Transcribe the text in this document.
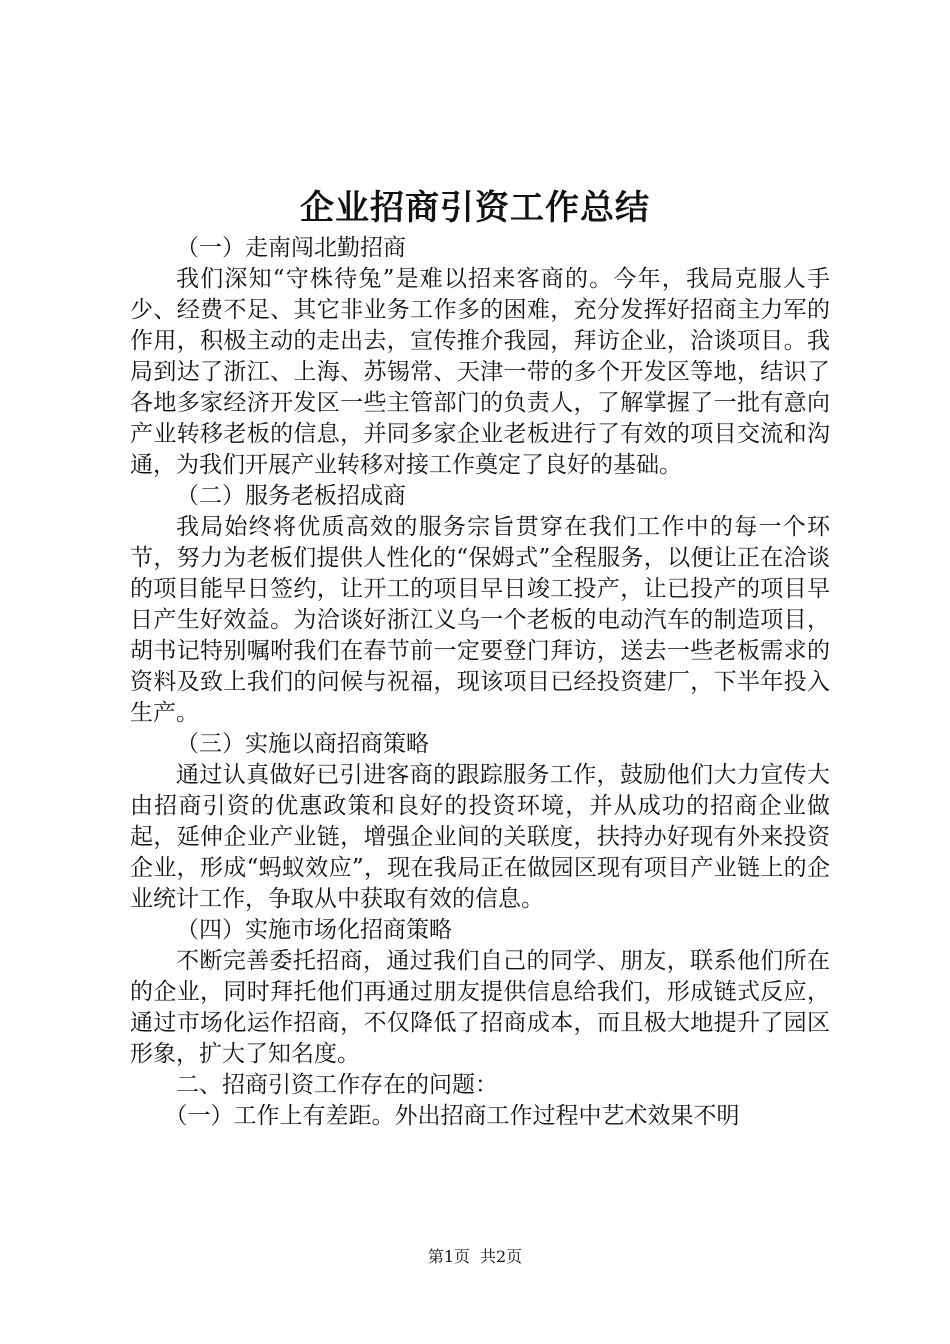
企业招商引资工作总结

（一）走南闯北勤招商

我们深知“守株待兔”是难以招来客商的。今年，我局克服人手少、经费不足、其它非业务工作多的困难，充分发挥好招商主力军的作用，积极主动的走出去，宣传推介我园，拜访企业，洽谈项目。我局到达了浙江、上海、苏锡常、天津一带的多个开发区等地，结识了各地多家经济开发区一些主管部门的负责人，了解掌握了一批有意向产业转移老板的信息，并同多家企业老板进行了有效的项目交流和沟通，为我们开展产业转移对接工作奠定了良好的基础。

（二）服务老板招成商

我局始终将优质高效的服务宗旨贯穿在我们工作中的每一个环节，努力为老板们提供人性化的“保姆式”全程服务，以便让正在洽谈的项目能早日签约，让开工的项目早日竣工投产，让已投产的项目早日产生好效益。为洽谈好浙江义乌一个老板的电动汽车的制造项目，胡书记特别嘱咐我们在春节前一定要登门拜访，送去一些老板需求的资料及致上我们的问候与祝福，现该项目已经投资建厂，下半年投入生产。

（三）实施以商招商策略

通过认真做好已引进客商的跟踪服务工作，鼓励他们大力宣传大由招商引资的优惠政策和良好的投资环境，并从成功的招商企业做起，延伸企业产业链，增强企业间的关联度，扶持办好现有外来投资企业，形成“蚂蚁效应”，现在我局正在做园区现有项目产业链上的企业统计工作，争取从中获取有效的信息。

（四）实施市场化招商策略

不断完善委托招商，通过我们自己的同学、朋友，联系他们所在的企业，同时拜托他们再通过朋友提供信息给我们，形成链式反应，通过市场化运作招商，不仅降低了招商成本，而且极大地提升了园区形象，扩大了知名度。

二、招商引资工作存在的问题：

（一）工作上有差距。外出招商工作过程中艺术效果不明

第1页 共2页
